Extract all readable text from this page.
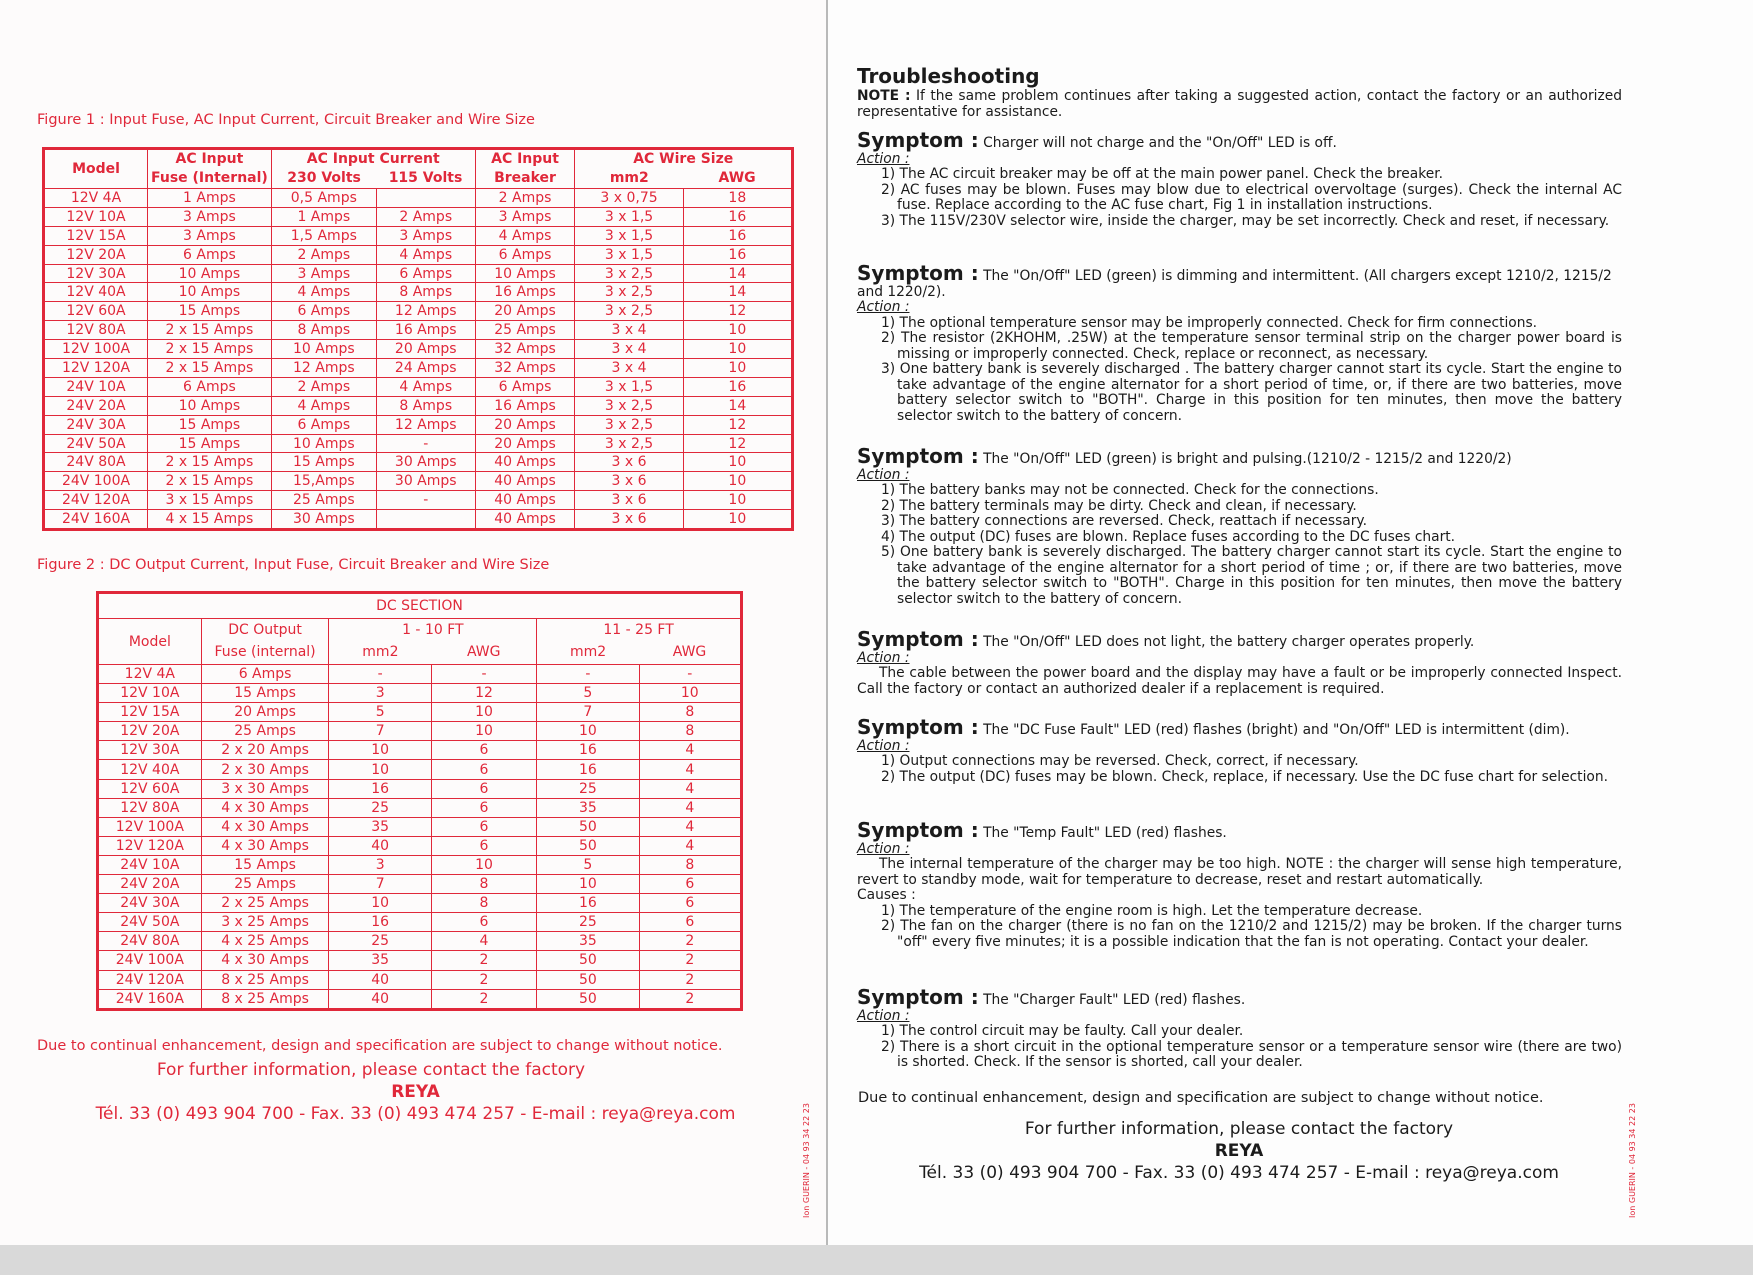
Figure 1 : Input Fuse, AC Input Current, Circuit Breaker and Wire Size
Model	AC Input	AC Input Current		AC Input	AC Wire Size	
	Fuse (Internal)	230 Volts	115 Volts	Breaker	mm2	AWG
12V 4A	1 Amps	0,5 Amps		2 Amps	3 x 0,75	18
12V 10A	3 Amps	1 Amps	2 Amps	3 Amps	3 x 1,5	16
12V 15A	3 Amps	1,5 Amps	3 Amps	4 Amps	3 x 1,5	16
12V 20A	6 Amps	2 Amps	4 Amps	6 Amps	3 x 1,5	16
12V 30A	10 Amps	3 Amps	6 Amps	10 Amps	3 x 2,5	14
12V 40A	10 Amps	4 Amps	8 Amps	16 Amps	3 x 2,5	14
12V 60A	15 Amps	6 Amps	12 Amps	20 Amps	3 x 2,5	12
12V 80A	2 x 15 Amps	8 Amps	16 Amps	25 Amps	3 x 4	10
12V 100A	2 x 15 Amps	10 Amps	20 Amps	32 Amps	3 x 4	10
12V 120A	2 x 15 Amps	12 Amps	24 Amps	32 Amps	3 x 4	10
24V 10A	6 Amps	2 Amps	4 Amps	6 Amps	3 x 1,5	16
24V 20A	10 Amps	4 Amps	8 Amps	16 Amps	3 x 2,5	14
24V 30A	15 Amps	6 Amps	12 Amps	20 Amps	3 x 2,5	12
24V 50A	15 Amps	10 Amps	-	20 Amps	3 x 2,5	12
24V 80A	2 x 15 Amps	15 Amps	30 Amps	40 Amps	3 x 6	10
24V 100A	2 x 15 Amps	15,Amps	30 Amps	40 Amps	3 x 6	10
24V 120A	3 x 15 Amps	25 Amps	-	40 Amps	3 x 6	10
24V 160A	4 x 15 Amps	30 Amps		40 Amps	3 x 6	10
Figure 2 : DC Output Current, Input Fuse, Circuit Breaker and Wire Size
DC SECTION					
Model	DC Output	1 - 10 FT		11 - 25 FT	
	Fuse (internal)	mm2	AWG	mm2	AWG
12V 4A	6 Amps	-	-	-	-
12V 10A	15 Amps	3	12	5	10
12V 15A	20 Amps	5	10	7	8
12V 20A	25 Amps	7	10	10	8
12V 30A	2 x 20 Amps	10	6	16	4
12V 40A	2 x 30 Amps	10	6	16	4
12V 60A	3 x 30 Amps	16	6	25	4
12V 80A	4 x 30 Amps	25	6	35	4
12V 100A	4 x 30 Amps	35	6	50	4
12V 120A	4 x 30 Amps	40	6	50	4
24V 10A	15 Amps	3	10	5	8
24V 20A	25 Amps	7	8	10	6
24V 30A	2 x 25 Amps	10	8	16	6
24V 50A	3 x 25 Amps	16	6	25	6
24V 80A	4 x 25 Amps	25	4	35	2
24V 100A	4 x 30 Amps	35	2	50	2
24V 120A	8 x 25 Amps	40	2	50	2
24V 160A	8 x 25 Amps	40	2	50	2
Due to continual enhancement, design and specification are subject to change without notice.
For further information, please contact the factory
REYA
Tél. 33 (0) 493 904 700 - Fax. 33 (0) 493 474 257 - E-mail : reya@reya.com	Ion GUERIN - 04 93 34 22 23
Troubleshooting

NOTE : If the same problem continues after taking a suggested action, contact the factory or an authorized representative for assistance.

Symptom : Charger will not charge and the "On/Off" LED is off.
Action :
1) The AC circuit breaker may be off at the main power panel. Check the breaker.
2) AC fuses may be blown. Fuses may blow due to electrical overvoltage (surges). Check the internal AC fuse. Replace according to the AC fuse chart, Fig 1 in installation instructions.
3) The 115V/230V selector wire, inside the charger, may be set incorrectly. Check and reset, if necessary.
Symptom : The "On/Off" LED (green) is dimming and intermittent. (All chargers except 1210/2, 1215/2 and 1220/2).
Action :
1) The optional temperature sensor may be improperly connected. Check for firm connections.
2) The resistor (2KHOHM, .25W) at the temperature sensor terminal strip on the charger power board is missing or improperly connected. Check, replace or reconnect, as necessary.
3) One battery bank is severely discharged . The battery charger cannot start its cycle. Start the engine to take advantage of the engine alternator for a short period of time, or, if there are two batteries, move battery selector switch to "BOTH". Charge in this position for ten minutes, then move the battery selector switch to the battery of concern.
Symptom : The "On/Off" LED (green) is bright and pulsing.(1210/2 - 1215/2 and 1220/2)
Action :
1) The battery banks may not be connected. Check for the connections.
2) The battery terminals may be dirty. Check and clean, if necessary.
3) The battery connections are reversed. Check, reattach if necessary.
4) The output (DC) fuses are blown. Replace fuses according to the DC fuses chart.
5) One battery bank is severely discharged. The battery charger cannot start its cycle. Start the engine to take advantage of the engine alternator for a short period of time ; or, if there are two batteries, move the battery selector switch to "BOTH". Charge in this position for ten minutes, then move the battery selector switch to the battery of concern.
Symptom : The "On/Off" LED does not light, the battery charger operates properly.
Action :

The cable between the power board and the display may have a fault or be improperly connected Inspect. Call the factory or contact an authorized dealer if a replacement is required.

Symptom : The "DC Fuse Fault" LED (red) flashes (bright) and "On/Off" LED is intermittent (dim).
Action :
1) Output connections may be reversed. Check, correct, if necessary.
2) The output (DC) fuses may be blown. Check, replace, if necessary. Use the DC fuse chart for selection.
Symptom : The "Temp Fault" LED (red) flashes.
Action :

The internal temperature of the charger may be too high. NOTE : the charger will sense high temperature, revert to standby mode, wait for temperature to decrease, reset and restart automatically.

Causes :

1) The temperature of the engine room is high. Let the temperature decrease.
2) The fan on the charger (there is no fan on the 1210/2 and 1215/2) may be broken. If the charger turns "off" every five minutes; it is a possible indication that the fan is not operating. Contact your dealer.
Symptom : The "Charger Fault" LED (red) flashes.
Action :
1) The control circuit may be faulty. Call your dealer.
2) There is a short circuit in the optional temperature sensor or a temperature sensor wire (there are two) is shorted. Check. If the sensor is shorted, call your dealer.
Due to continual enhancement, design and specification are subject to change without notice.
For further information, please contact the factory
REYA
Tél. 33 (0) 493 904 700 - Fax. 33 (0) 493 474 257 - E-mail : reya@reya.com	Ion GUERIN - 04 93 34 22 23
